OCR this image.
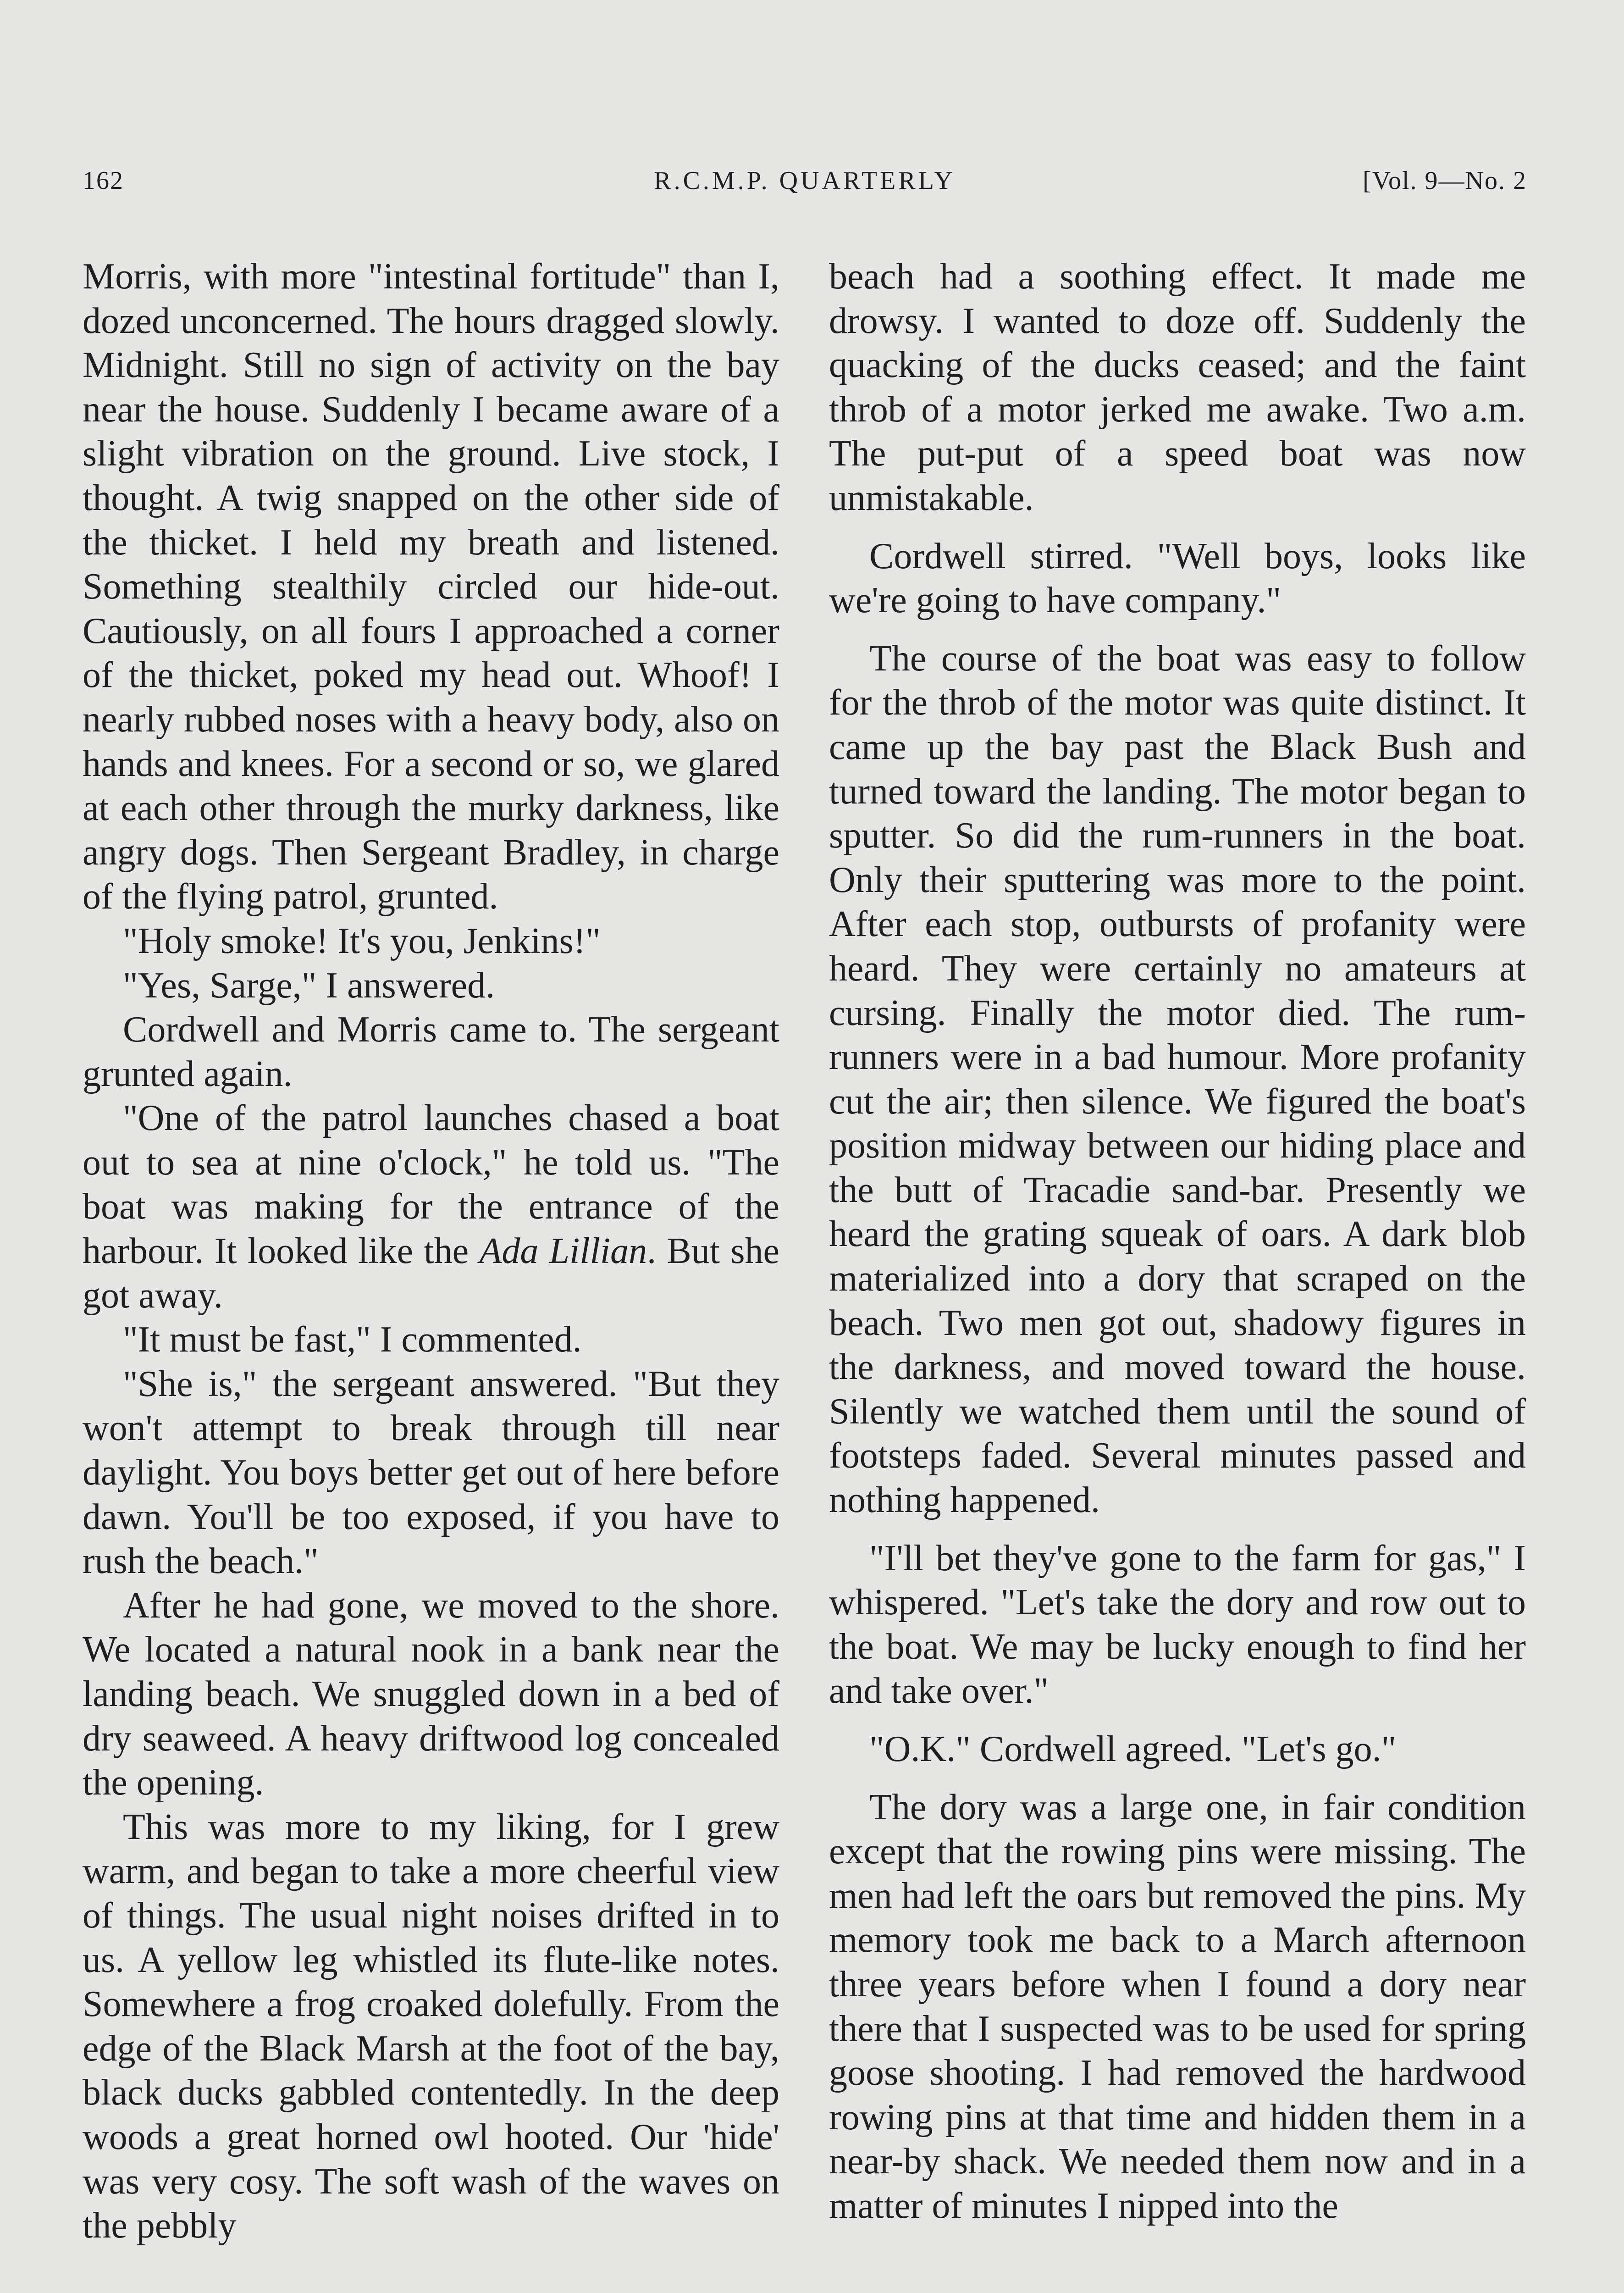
162	R.C.M.P. QUARTERLY	[Vol. 9—No. 2

Morris, with more "intestinal fortitude" than I, dozed unconcerned. The hours dragged slowly. Midnight. Still no sign of activity on the bay near the house. Suddenly I became aware of a slight vibration on the ground. Live stock, I thought. A twig snapped on the other side of the thicket. I held my breath and listened. Something stealthily circled our hide-out. Cautiously, on all fours I approached a corner of the thicket, poked my head out. Whoof! I nearly rubbed noses with a heavy body, also on hands and knees. For a second or so, we glared at each other through the murky darkness, like angry dogs. Then Sergeant Bradley, in charge of the flying patrol, grunted.

"Holy smoke! It's you, Jenkins!"

"Yes, Sarge," I answered.

Cordwell and Morris came to. The sergeant grunted again.

"One of the patrol launches chased a boat out to sea at nine o'clock," he told us. "The boat was making for the entrance of the harbour. It looked like the Ada Lillian. But she got away.

"It must be fast," I commented.

"She is," the sergeant answered. "But they won't attempt to break through till near daylight. You boys better get out of here before dawn. You'll be too exposed, if you have to rush the beach."

After he had gone, we moved to the shore. We located a natural nook in a bank near the landing beach. We snuggled down in a bed of dry seaweed. A heavy driftwood log concealed the opening.

This was more to my liking, for I grew warm, and began to take a more cheerful view of things. The usual night noises drifted in to us. A yellow leg whistled its flute-like notes. Somewhere a frog croaked dolefully. From the edge of the Black Marsh at the foot of the bay, black ducks gabbled contentedly. In the deep woods a great horned owl hooted. Our 'hide' was very cosy. The soft wash of the waves on the pebbly

beach had a soothing effect. It made me drowsy. I wanted to doze off. Suddenly the quacking of the ducks ceased; and the faint throb of a motor jerked me awake. Two a.m. The put-put of a speed boat was now unmistakable.

Cordwell stirred. "Well boys, looks like we're going to have company."

The course of the boat was easy to follow for the throb of the motor was quite distinct. It came up the bay past the Black Bush and turned toward the landing. The motor began to sputter. So did the rum-runners in the boat. Only their sputtering was more to the point. After each stop, outbursts of profanity were heard. They were certainly no amateurs at cursing. Finally the motor died. The rum-runners were in a bad humour. More profanity cut the air; then silence. We figured the boat's position midway between our hiding place and the butt of Tracadie sand-bar. Presently we heard the grating squeak of oars. A dark blob materialized into a dory that scraped on the beach. Two men got out, shadowy figures in the darkness, and moved toward the house. Silently we watched them until the sound of footsteps faded. Several minutes passed and nothing happened.

"I'll bet they've gone to the farm for gas," I whispered. "Let's take the dory and row out to the boat. We may be lucky enough to find her and take over."

"O.K." Cordwell agreed. "Let's go."

The dory was a large one, in fair condition except that the rowing pins were missing. The men had left the oars but removed the pins. My memory took me back to a March afternoon three years before when I found a dory near there that I suspected was to be used for spring goose shooting. I had removed the hardwood rowing pins at that time and hidden them in a near-by shack. We needed them now and in a matter of minutes I nipped into the
